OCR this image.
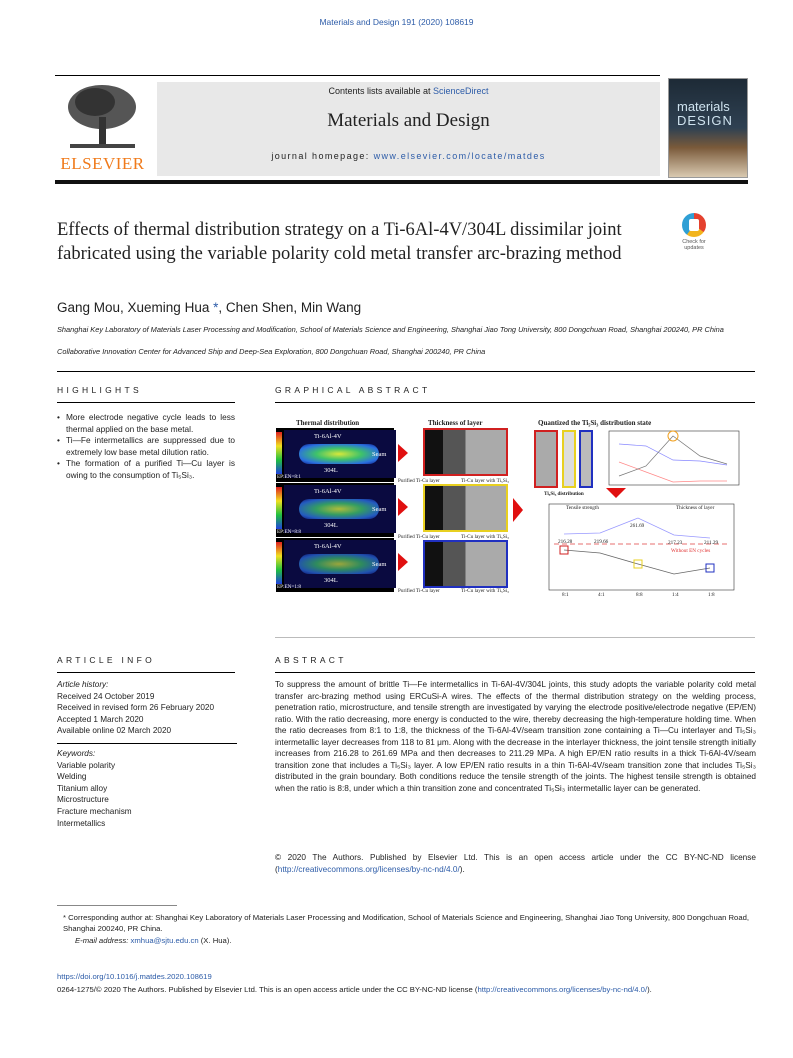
Materials and Design 191 (2020) 108619
ELSEVIER
Contents lists available at ScienceDirect
Materials and Design
journal homepage: www.elsevier.com/locate/matdes
materials
DESIGN
Effects of thermal distribution strategy on a Ti-6Al-4V/304L dissimilar joint fabricated using the variable polarity cold metal transfer arc-brazing method
Check for
updates
Gang Mou, Xueming Hua *, Chen Shen, Min Wang
Shanghai Key Laboratory of Materials Laser Processing and Modification, School of Materials Science and Engineering, Shanghai Jiao Tong University, 800 Dongchuan Road, Shanghai 200240, PR China
Collaborative Innovation Center for Advanced Ship and Deep-Sea Exploration, 800 Dongchuan Road, Shanghai 200240, PR China
HIGHLIGHTS
• More electrode negative cycle leads to less thermal applied on the base metal.
• Ti—Fe intermetallics are suppressed due to extremely low base metal dilution ratio.
• The formation of a purified Ti—Cu layer is owing to the consumption of Ti₅Si₃.
GRAPHICAL ABSTRACT
Thermal distribution	Thickness of layer	Quantized the Ti₅Si₃ distribution state
Ti-6Al-4V
Seam
304L
EP:EN=8:1
Ti-6Al-4V
Seam
304L
EP:EN=8:8
Ti-6Al-4V
Seam
304L
EP:EN=1:8
Purified Ti-Cu layer	Ti-Cu layer with Ti₅Si₃
Purified Ti-Cu layer	Ti-Cu layer with Ti₅Si₃
Purified Ti-Cu layer	Ti-Cu layer with Ti₅Si₃
Ti₅Si₃ distribution
Tensile strength	Thickness of layer
216.28	219.66
261.69
217.23	211.29
Without EN cycles
8:1	4:1	8:8	1:4	1:8
ARTICLE INFO
Article history:
Received 24 October 2019
Received in revised form 26 February 2020
Accepted 1 March 2020
Available online 02 March 2020
Keywords:
Variable polarity
Welding
Titanium alloy
Microstructure
Fracture mechanism
Intermetallics
ABSTRACT
To suppress the amount of brittle Ti—Fe intermetallics in Ti-6Al-4V/304L joints, this study adopts the variable polarity cold metal transfer arc-brazing method using ERCuSi-A wires. The effects of the thermal distribution strategy on the welding process, penetration ratio, microstructure, and tensile strength are investigated by varying the electrode positive/electrode negative (EP/EN) ratio. With the ratio decreasing, more energy is conducted to the wire, thereby decreasing the high-temperature holding time. When the ratio decreases from 8:1 to 1:8, the thickness of the Ti-6Al-4V/seam transition zone containing a Ti—Cu interlayer and Ti₅Si₃ intermetallic layer decreases from 118 to 81 μm. Along with the decrease in the interlayer thickness, the joint tensile strength initially increases from 216.28 to 261.69 MPa and then decreases to 211.29 MPa. A high EP/EN ratio results in a thick Ti-6Al-4V/seam transition zone that includes a Ti₅Si₃ layer. A low EP/EN ratio results in a thin Ti-6Al-4V/seam transition zone that includes Ti₅Si₃ distributed in the grain boundary. Both conditions reduce the tensile strength of the joints. The highest tensile strength is obtained when the ratio is 8:8, under which a thin transition zone and concentrated Ti₅Si₃ intermetallic layer can be generated.
© 2020 The Authors. Published by Elsevier Ltd. This is an open access article under the CC BY-NC-ND license (http://creativecommons.org/licenses/by-nc-nd/4.0/).
* Corresponding author at: Shanghai Key Laboratory of Materials Laser Processing and Modification, School of Materials Science and Engineering, Shanghai Jiao Tong University, 800 Dongchuan Road, Shanghai 200240, PR China.
E-mail address: xmhua@sjtu.edu.cn (X. Hua).
https://doi.org/10.1016/j.matdes.2020.108619
0264-1275/© 2020 The Authors. Published by Elsevier Ltd. This is an open access article under the CC BY-NC-ND license (http://creativecommons.org/licenses/by-nc-nd/4.0/).
